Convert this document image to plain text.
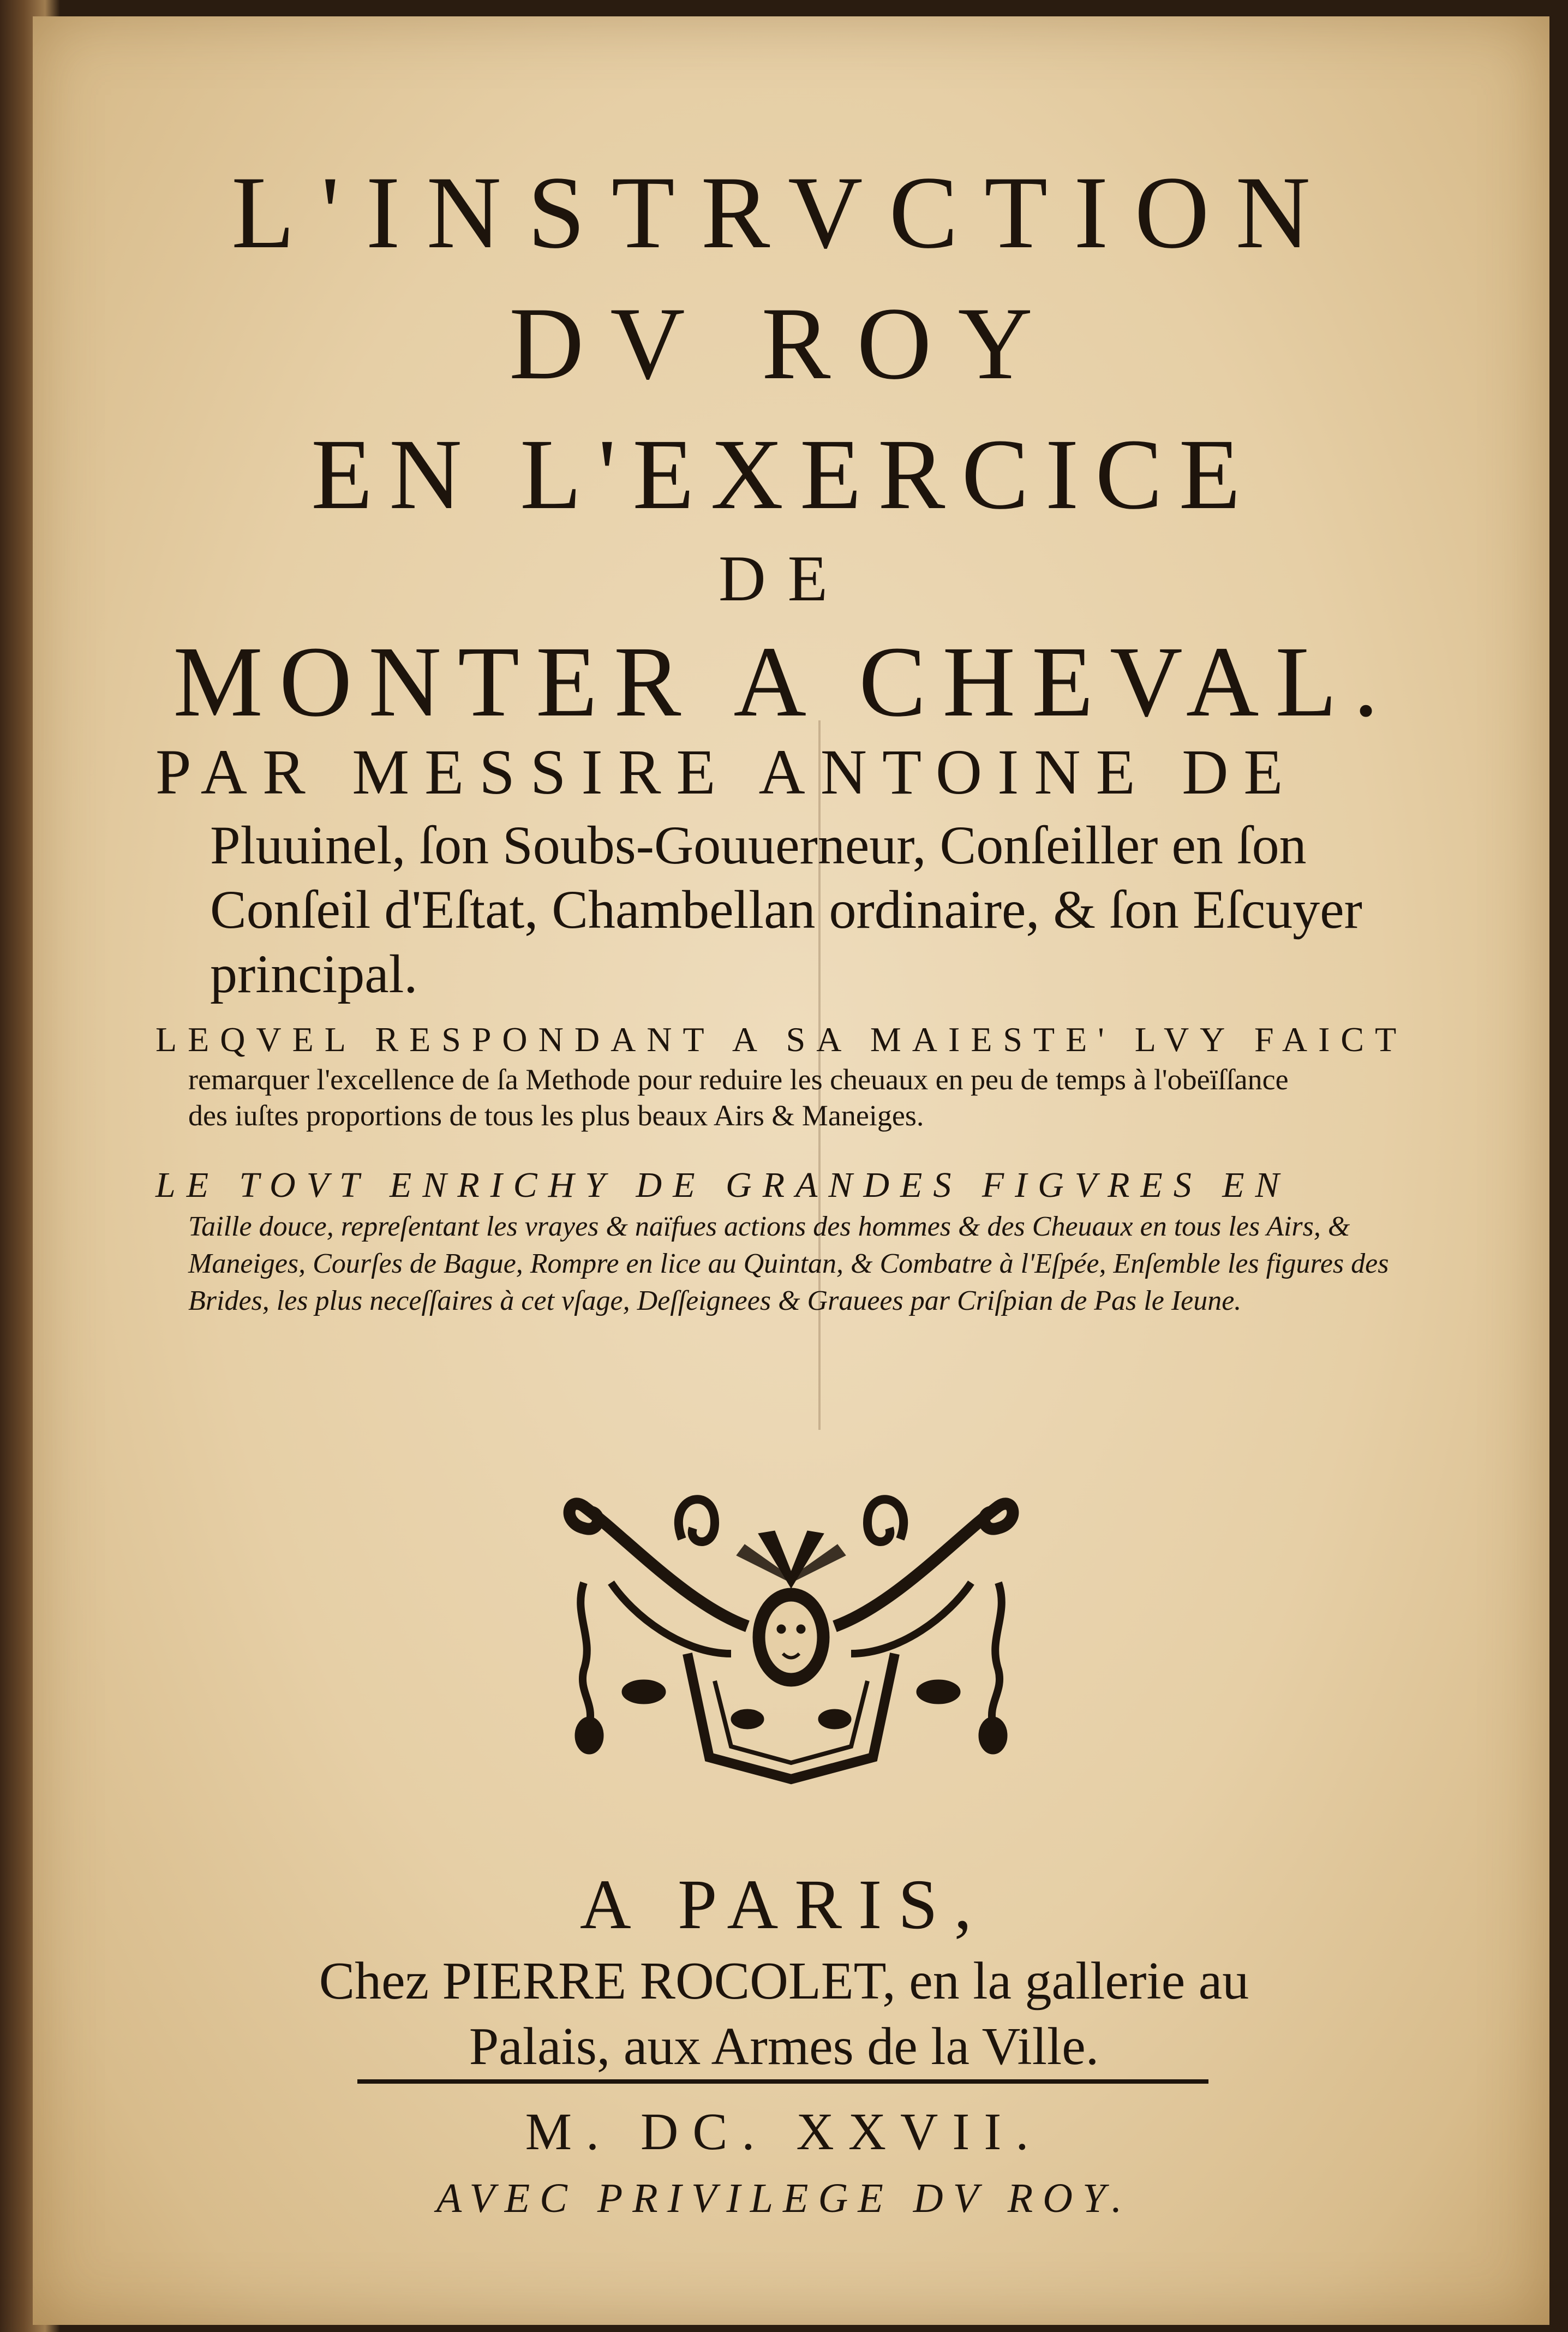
L'INSTRVCTION

DV ROY

EN L'EXERCICE

DE

MONTER A CHEVAL.

PAR MESSIRE ANTOINE DE
Pluuinel, ſon Soubs-Gouuerneur, Conſeiller en ſon
Conſeil d'Eſtat, Chambellan ordinaire, & ſon Eſcuyer
principal.
LEQVEL RESPONDANT A SA MAIESTE' LVY FAICT
remarquer l'excellence de ſa Methode pour reduire les cheuaux en peu de temps à l'obeïſſance
des iuſtes proportions de tous les plus beaux Airs & Maneiges.
LE TOVT ENRICHY DE GRANDES FIGVRES EN
Taille douce, repreſentant les vrayes & naïfues actions des hommes & des Cheuaux en tous les Airs, &
Maneiges, Courſes de Bague, Rompre en lice au Quintan, & Combatre à l'Eſpée, Enſemble les figures des
Brides, les plus neceſſaires à cet vſage, Deſſeignees & Grauees par Criſpian de Pas le Ieune.
A PARIS,
Chez PIERRE ROCOLET, en la gallerie au
Palais, aux Armes de la Ville.
M. DC. XXVII.
AVEC PRIVILEGE DV ROY.
